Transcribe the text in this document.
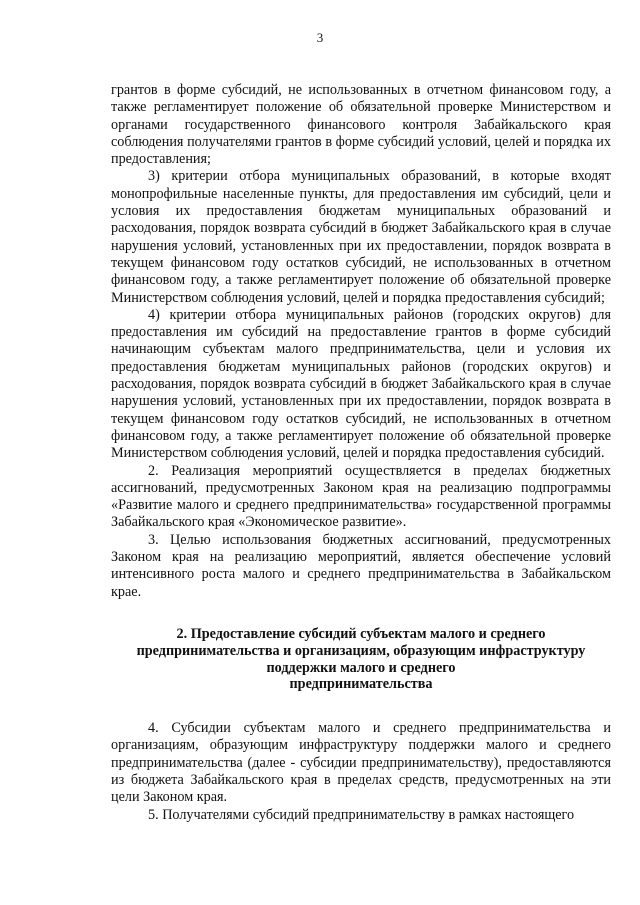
3

грантов в форме субсидий, не использованных в отчетном финансовом году, а также регламентирует положение об обязательной проверке Министерством и органами государственного финансового контроля Забайкальского края соблюдения получателями грантов в форме субсидий условий, целей и порядка их предоставления;

3) критерии отбора муниципальных образований, в которые входят монопрофильные населенные пункты, для предоставления им субсидий, цели и условия их предоставления бюджетам муниципальных образований и расходования, порядок возврата субсидий в бюджет Забайкальского края в случае нарушения условий, установленных при их предоставлении, порядок возврата в текущем финансовом году остатков субсидий, не использованных в отчетном финансовом году, а также регламентирует положение об обязательной проверке Министерством соблюдения условий, целей и порядка предоставления субсидий;

4) критерии отбора муниципальных районов (городских округов) для предоставления им субсидий на предоставление грантов в форме субсидий начинающим субъектам малого предпринимательства, цели и условия их предоставления бюджетам муниципальных районов (городских округов) и расходования, порядок возврата субсидий в бюджет Забайкальского края в случае нарушения условий, установленных при их предоставлении, порядок возврата в текущем финансовом году остатков субсидий, не использованных в отчетном финансовом году, а также регламентирует положение об обязательной проверке Министерством соблюдения условий, целей и порядка предоставления субсидий.

2. Реализация мероприятий осуществляется в пределах бюджетных ассигнований, предусмотренных Законом края на реализацию подпрограммы «Развитие малого и среднего предпринимательства» государственной программы Забайкальского края «Экономическое развитие».

3. Целью использования бюджетных ассигнований, предусмотренных Законом края на реализацию мероприятий, является обеспечение условий интенсивного роста малого и среднего предпринимательства в Забайкальском крае.

2. Предоставление субсидий субъектам малого и среднего
предпринимательства и организациям, образующим инфраструктуру
поддержки малого и среднего
предпринимательства

4. Субсидии субъектам малого и среднего предпринимательства и организациям, образующим инфраструктуру поддержки малого и среднего предпринимательства (далее - субсидии предпринимательству), предоставляются из бюджета Забайкальского края в пределах средств, предусмотренных на эти цели Законом края.

5. Получателями субсидий предпринимательству в рамках настоящего
